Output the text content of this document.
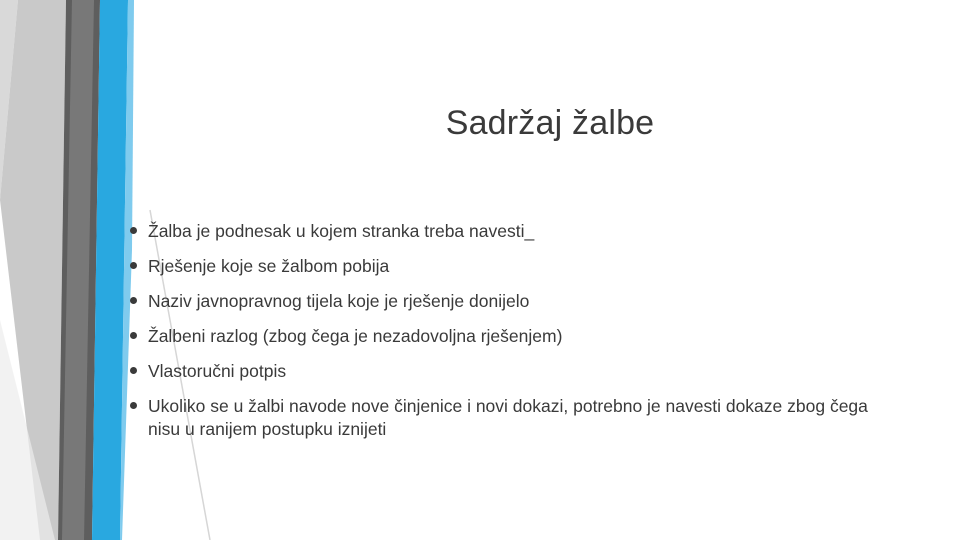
Sadržaj žalbe
Žalba je podnesak u kojem stranka treba navesti_
Rješenje koje se žalbom pobija
Naziv javnopravnog tijela koje je rješenje donijelo
Žalbeni razlog (zbog čega je nezadovoljna rješenjem)
Vlastoručni potpis
Ukoliko se u žalbi navode nove činjenice i novi dokazi, potrebno je navesti dokaze zbog čega nisu u ranijem postupku iznijeti
